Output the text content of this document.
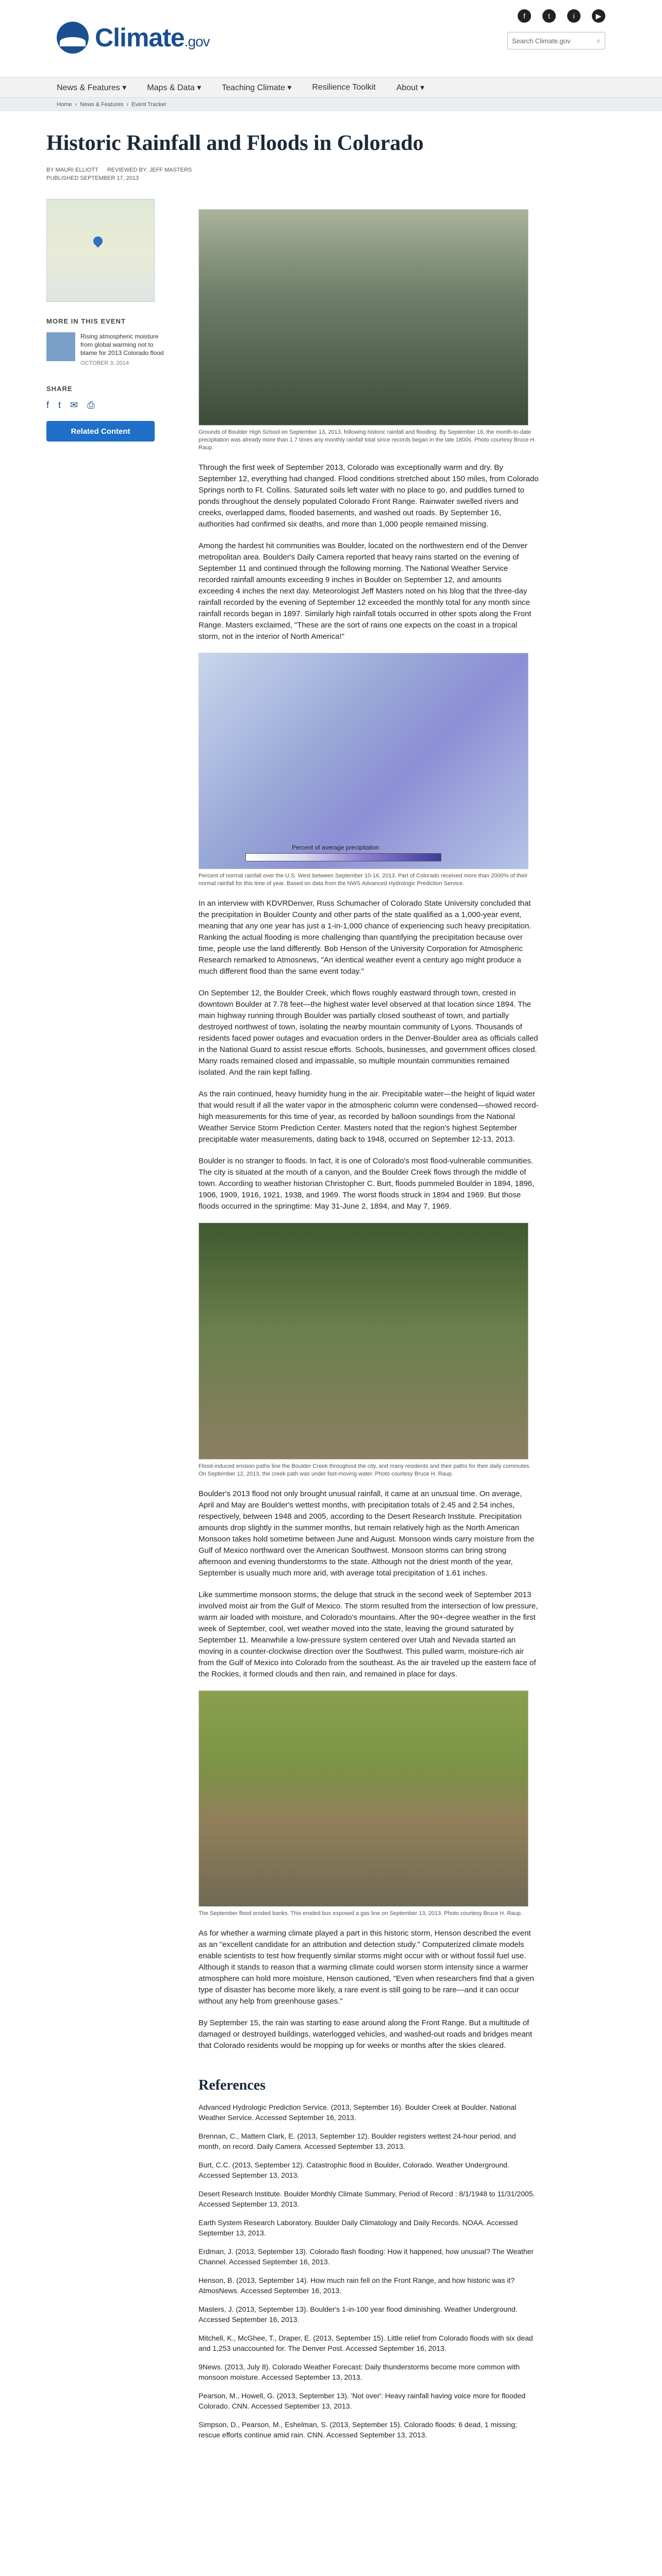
Climate.gov
f	t	i	▶
Search Climate.gov	⌕
News & Features ▾	Maps & Data ▾	Teaching Climate ▾	Resilience Toolkit	About ▾
Home › News & Features › Event Tracker
Historic Rainfall and Floods in Colorado
BY MAURI ELLIOTT REVIEWED BY: JEFF MASTERS
PUBLISHED SEPTEMBER 17, 2013
MORE IN THIS EVENT
Rising atmospheric moisture from global warming not to blame for 2013 Colorado flood
OCTOBER 3, 2014
SHARE
f t ✉ ⎙
Related Content	Grounds of Boulder High School on September 13, 2013, following historic rainfall and flooding. By September 16, the month-to-date precipitation was already more than 1.7 times any monthly rainfall total since records began in the late 1800s. Photo courtesy Bruce H. Raup.

Through the first week of September 2013, Colorado was exceptionally warm and dry. By September 12, everything had changed. Flood conditions stretched about 150 miles, from Colorado Springs north to Ft. Collins. Saturated soils left water with no place to go, and puddles turned to ponds throughout the densely populated Colorado Front Range. Rainwater swelled rivers and creeks, overlapped dams, flooded basements, and washed out roads. By September 16, authorities had confirmed six deaths, and more than 1,000 people remained missing.

Among the hardest hit communities was Boulder, located on the northwestern end of the Denver metropolitan area. Boulder's Daily Camera reported that heavy rains started on the evening of September 11 and continued through the following morning. The National Weather Service recorded rainfall amounts exceeding 9 inches in Boulder on September 12, and amounts exceeding 4 inches the next day. Meteorologist Jeff Masters noted on his blog that the three-day rainfall recorded by the evening of September 12 exceeded the monthly total for any month since rainfall records began in 1897. Similarly high rainfall totals occurred in other spots along the Front Range. Masters exclaimed, "These are the sort of rains one expects on the coast in a tropical storm, not in the interior of North America!"

Percent of average precipitation
Percent of normal rainfall over the U.S. West between September 10-16, 2013. Part of Colorado received more than 2000% of their normal rainfall for this time of year. Based on data from the NWS Advanced Hydrologic Prediction Service.

In an interview with KDVRDenver, Russ Schumacher of Colorado State University concluded that the precipitation in Boulder County and other parts of the state qualified as a 1,000-year event, meaning that any one year has just a 1-in-1,000 chance of experiencing such heavy precipitation. Ranking the actual flooding is more challenging than quantifying the precipitation because over time, people use the land differently. Bob Henson of the University Corporation for Atmospheric Research remarked to Atmosnews, "An identical weather event a century ago might produce a much different flood than the same event today."

On September 12, the Boulder Creek, which flows roughly eastward through town, crested in downtown Boulder at 7.78 feet—the highest water level observed at that location since 1894. The main highway running through Boulder was partially closed southeast of town, and partially destroyed northwest of town, isolating the nearby mountain community of Lyons. Thousands of residents faced power outages and evacuation orders in the Denver-Boulder area as officials called in the National Guard to assist rescue efforts. Schools, businesses, and government offices closed. Many roads remained closed and impassable, so multiple mountain communities remained isolated. And the rain kept falling.

As the rain continued, heavy humidity hung in the air. Precipitable water—the height of liquid water that would result if all the water vapor in the atmospheric column were condensed—showed record-high measurements for this time of year, as recorded by balloon soundings from the National Weather Service Storm Prediction Center. Masters noted that the region's highest September precipitable water measurements, dating back to 1948, occurred on September 12-13, 2013.

Boulder is no stranger to floods. In fact, it is one of Colorado's most flood-vulnerable communities. The city is situated at the mouth of a canyon, and the Boulder Creek flows through the middle of town. According to weather historian Christopher C. Burt, floods pummeled Boulder in 1894, 1896, 1906, 1909, 1916, 1921, 1938, and 1969. The worst floods struck in 1894 and 1969. But those floods occurred in the springtime: May 31-June 2, 1894, and May 7, 1969.

Flood-induced erosion paths line the Boulder Creek throughout the city, and many residents and their paths for their daily commutes. On September 12, 2013, the creek path was under fast-moving water. Photo courtesy Bruce H. Raup.

Boulder's 2013 flood not only brought unusual rainfall, it came at an unusual time. On average, April and May are Boulder's wettest months, with precipitation totals of 2.45 and 2.54 inches, respectively, between 1948 and 2005, according to the Desert Research Institute. Precipitation amounts drop slightly in the summer months, but remain relatively high as the North American Monsoon takes hold sometime between June and August. Monsoon winds carry moisture from the Gulf of Mexico northward over the American Southwest. Monsoon storms can bring strong afternoon and evening thunderstorms to the state. Although not the driest month of the year, September is usually much more arid, with average total precipitation of 1.61 inches.

Like summertime monsoon storms, the deluge that struck in the second week of September 2013 involved moist air from the Gulf of Mexico. The storm resulted from the intersection of low pressure, warm air loaded with moisture, and Colorado's mountains. After the 90+-degree weather in the first week of September, cool, wet weather moved into the state, leaving the ground saturated by September 11. Meanwhile a low-pressure system centered over Utah and Nevada started an moving in a counter-clockwise direction over the Southwest. This pulled warm, moisture-rich air from the Gulf of Mexico into Colorado from the southeast. As the air traveled up the eastern face of the Rockies, it formed clouds and then rain, and remained in place for days.

The September flood eroded banks. This eroded bus exposed a gas line on September 13, 2013. Photo courtesy Bruce H. Raup.

As for whether a warming climate played a part in this historic storm, Henson described the event as an "excellent candidate for an attribution and detection study." Computerized climate models enable scientists to test how frequently similar storms might occur with or without fossil fuel use. Although it stands to reason that a warming climate could worsen storm intensity since a warmer atmosphere can hold more moisture, Henson cautioned, "Even when researchers find that a given type of disaster has become more likely, a rare event is still going to be rare—and it can occur without any help from greenhouse gases."

By September 15, the rain was starting to ease around along the Front Range. But a multitude of damaged or destroyed buildings, waterlogged vehicles, and washed-out roads and bridges meant that Colorado residents would be mopping up for weeks or months after the skies cleared.

References

Advanced Hydrologic Prediction Service. (2013, September 16). Boulder Creek at Boulder. National Weather Service. Accessed September 16, 2013.

Brennan, C., Mattern Clark, E. (2013, September 12). Boulder registers wettest 24-hour period, and month, on record. Daily Camera. Accessed September 13, 2013.

Burt, C.C. (2013, September 12). Catastrophic flood in Boulder, Colorado. Weather Underground. Accessed September 13, 2013.

Desert Research Institute. Boulder Monthly Climate Summary, Period of Record : 8/1/1948 to 11/31/2005. Accessed September 13, 2013.

Earth System Research Laboratory. Boulder Daily Climatology and Daily Records. NOAA. Accessed September 13, 2013.

Erdman, J. (2013, September 13). Colorado flash flooding: How it happened, how unusual? The Weather Channel. Accessed September 16, 2013.

Henson, B. (2013, September 14). How much rain fell on the Front Range, and how historic was it? AtmosNews. Accessed September 16, 2013.

Masters, J. (2013, September 13). Boulder's 1-in-100 year flood diminishing. Weather Underground. Accessed September 16, 2013.

Mitchell, K., McGhee, T., Draper, E. (2013, September 15). Little relief from Colorado floods with six dead and 1,253 unaccounted for. The Denver Post. Accessed September 16, 2013.

9News. (2013, July 8). Colorado Weather Forecast: Daily thunderstorms become more common with monsoon moisture. Accessed September 13, 2013.

Pearson, M., Howell, G. (2013, September 13). 'Not over': Heavy rainfall having voice more for flooded Colorado. CNN. Accessed September 13, 2013.

Simpson, D., Pearson, M., Eshelman, S. (2013, September 15). Colorado floods: 6 dead, 1 missing; rescue efforts continue amid rain. CNN. Accessed September 13, 2013.
